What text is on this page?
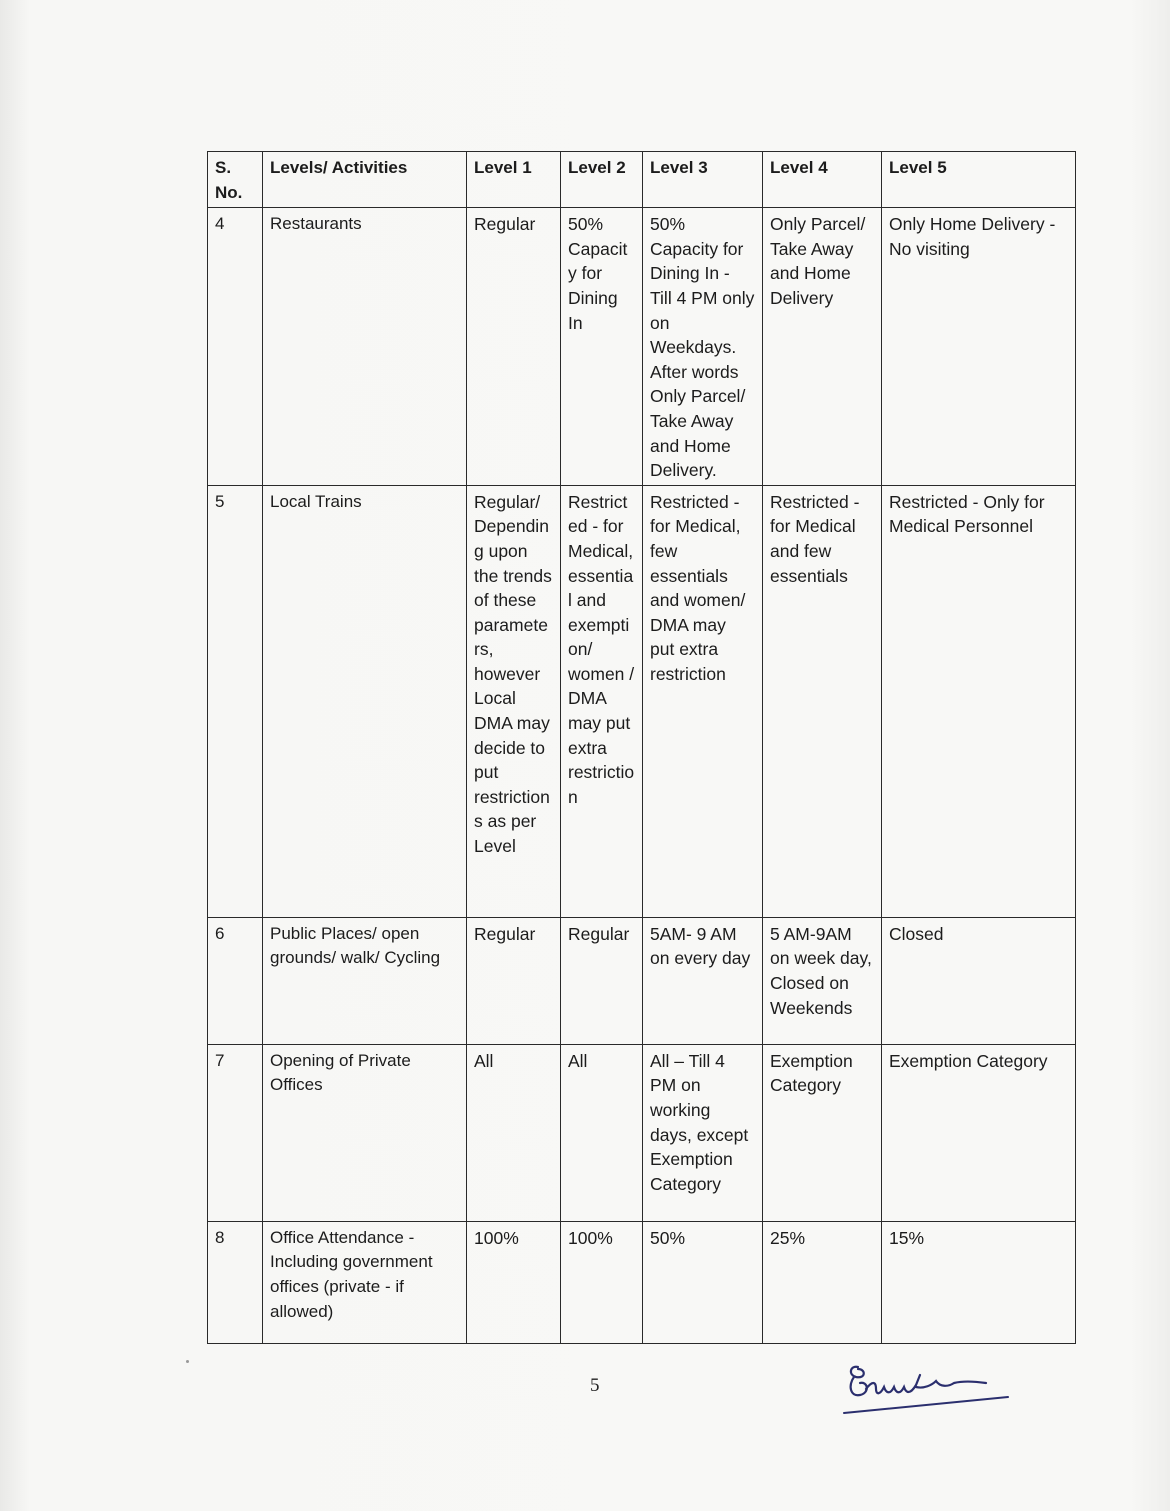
S. No.	Levels/ Activities	Level 1	Level 2	Level 3	Level 4	Level 5
4	Restaurants	Regular	50% Capacity for Dining In	50% Capacity for Dining In - Till 4 PM only on Weekdays. After words Only Parcel/ Take Away and Home Delivery.	Only Parcel/ Take Away and Home Delivery	Only Home Delivery - No visiting
5	Local Trains	Regular/ Depending upon the trends of these parameters, however Local DMA may decide to put restrictions as per Level	Restricted - for Medical, essential and exemption/ women / DMA may put extra restriction	Restricted - for Medical, few essentials and women/ DMA may put extra restriction	Restricted - for Medical and few essentials	Restricted - Only for Medical Personnel
6	Public Places/ open grounds/ walk/ Cycling	Regular	Regular	5AM- 9 AM on every day	5 AM-9AM on week day, Closed on Weekends	Closed
7	Opening of Private Offices	All	All	All – Till 4 PM on working days, except Exemption Category	Exemption Category	Exemption Category
8	Office Attendance - Including government offices (private - if allowed)	100%	100%	50%	25%	15%
5
